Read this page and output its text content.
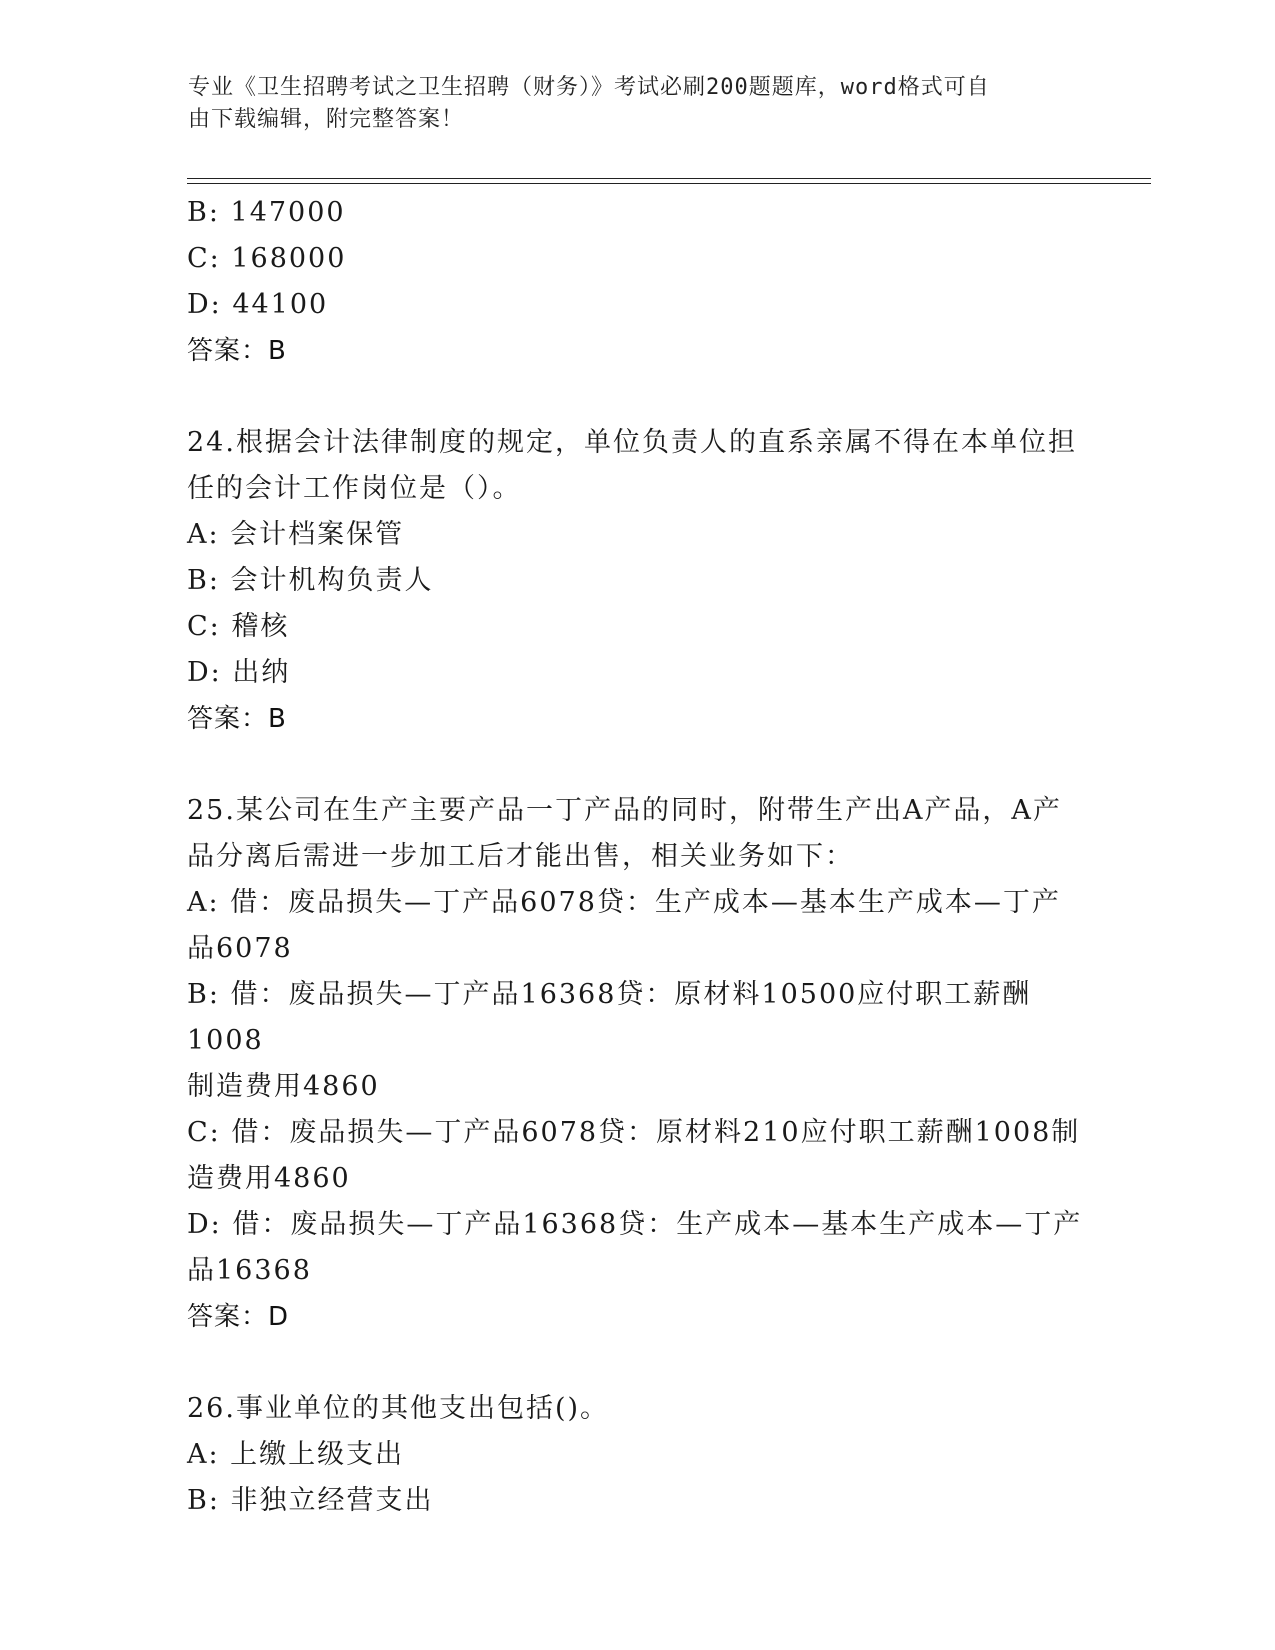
专业《卫生招聘考试之卫生招聘（财务）》考试必刷200题题库，word格式可自
由下载编辑，附完整答案！
B: 147000
C: 168000
D: 44100
答案：B
24.根据会计法律制度的规定，单位负责人的直系亲属不得在本单位担
任的会计工作岗位是（）。
A: 会计档案保管
B: 会计机构负责人
C: 稽核
D: 出纳
答案：B
25.某公司在生产主要产品一丁产品的同时，附带生产出A产品，A产
品分离后需进一步加工后才能出售，相关业务如下：
A: 借：废品损失—丁产品6078贷：生产成本—基本生产成本—丁产
品6078
B: 借：废品损失—丁产品16368贷：原材料10500应付职工薪酬1008
制造费用4860
C: 借：废品损失—丁产品6078贷：原材料210应付职工薪酬1008制
造费用4860
D: 借：废品损失—丁产品16368贷：生产成本—基本生产成本—丁产
品16368
答案：D
26.事业单位的其他支出包括()。
A: 上缴上级支出
B: 非独立经营支出
